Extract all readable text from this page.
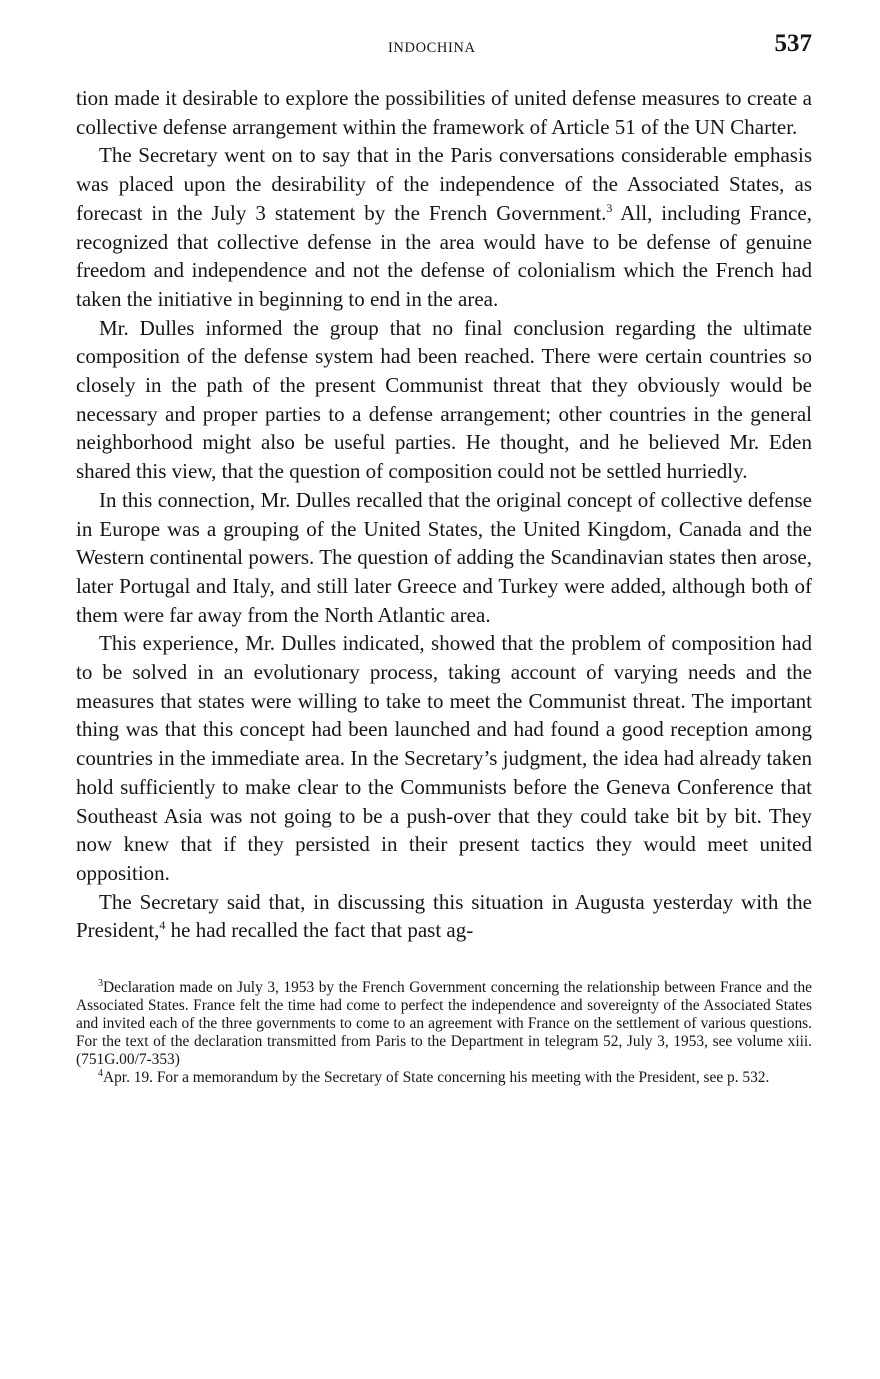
INDOCHINA	537

tion made it desirable to explore the possibilities of united defense measures to create a collective defense arrangement within the framework of Article 51 of the UN Charter.

The Secretary went on to say that in the Paris conversations considerable emphasis was placed upon the desirability of the independence of the Associated States, as forecast in the July 3 statement by the French Government.$^3$ All, including France, recognized that collective defense in the area would have to be defense of genuine freedom and independence and not the defense of colonialism which the French had taken the initiative in beginning to end in the area.

Mr. Dulles informed the group that no final conclusion regarding the ultimate composition of the defense system had been reached. There were certain countries so closely in the path of the present Communist threat that they obviously would be necessary and proper parties to a defense arrangement; other countries in the general neighborhood might also be useful parties. He thought, and he believed Mr. Eden shared this view, that the question of composition could not be settled hurriedly.

In this connection, Mr. Dulles recalled that the original concept of collective defense in Europe was a grouping of the United States, the United Kingdom, Canada and the Western continental powers. The question of adding the Scandinavian states then arose, later Portugal and Italy, and still later Greece and Turkey were added, although both of them were far away from the North Atlantic area.

This experience, Mr. Dulles indicated, showed that the problem of composition had to be solved in an evolutionary process, taking account of varying needs and the measures that states were willing to take to meet the Communist threat. The important thing was that this concept had been launched and had found a good reception among countries in the immediate area. In the Secretary’s judgment, the idea had already taken hold sufficiently to make clear to the Communists before the Geneva Conference that Southeast Asia was not going to be a push-over that they could take bit by bit. They now knew that if they persisted in their present tactics they would meet united opposition.

The Secretary said that, in discussing this situation in Augusta yesterday with the President,$^4$ he had recalled the fact that past ag-

$^3$Declaration made on July 3, 1953 by the French Government concerning the relationship between France and the Associated States. France felt the time had come to perfect the independence and sovereignty of the Associated States and invited each of the three governments to come to an agreement with France on the settlement of various questions. For the text of the declaration transmitted from Paris to the Department in telegram 52, July 3, 1953, see volume xiii. (751G.00/7-353)

$^4$Apr. 19. For a memorandum by the Secretary of State concerning his meeting with the President, see p. 532.
